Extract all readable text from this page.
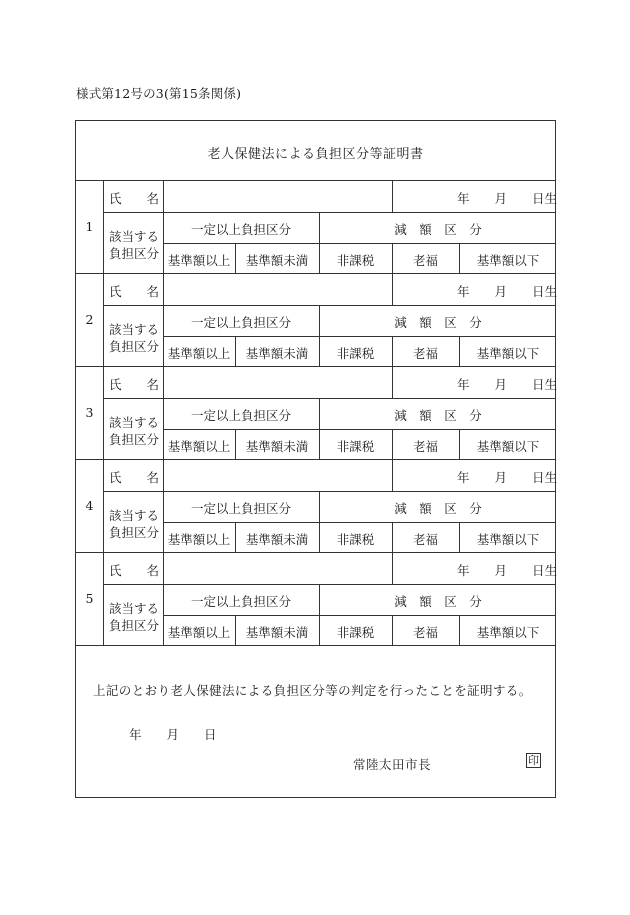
様式第12号の3(第15条関係)
老人保健法による負担区分等証明書
1
氏　　名	年　　月　　日生
該当する
負担区分
一定以上負担区分	減　額　区　分
基準額以上	基準額未満	非課税	老福	基準額以下
2
氏　　名	年　　月　　日生
該当する
負担区分
一定以上負担区分	減　額　区　分
基準額以上	基準額未満	非課税	老福	基準額以下
3
氏　　名	年　　月　　日生
該当する
負担区分
一定以上負担区分	減　額　区　分
基準額以上	基準額未満	非課税	老福	基準額以下
4
氏　　名	年　　月　　日生
該当する
負担区分
一定以上負担区分	減　額　区　分
基準額以上	基準額未満	非課税	老福	基準額以下
5
氏　　名	年　　月　　日生
該当する
負担区分
一定以上負担区分	減　額　区　分
基準額以上	基準額未満	非課税	老福	基準額以下
上記のとおり老人保健法による負担区分等の判定を行ったことを証明する。
年　　月　　日
常陸太田市長	印
